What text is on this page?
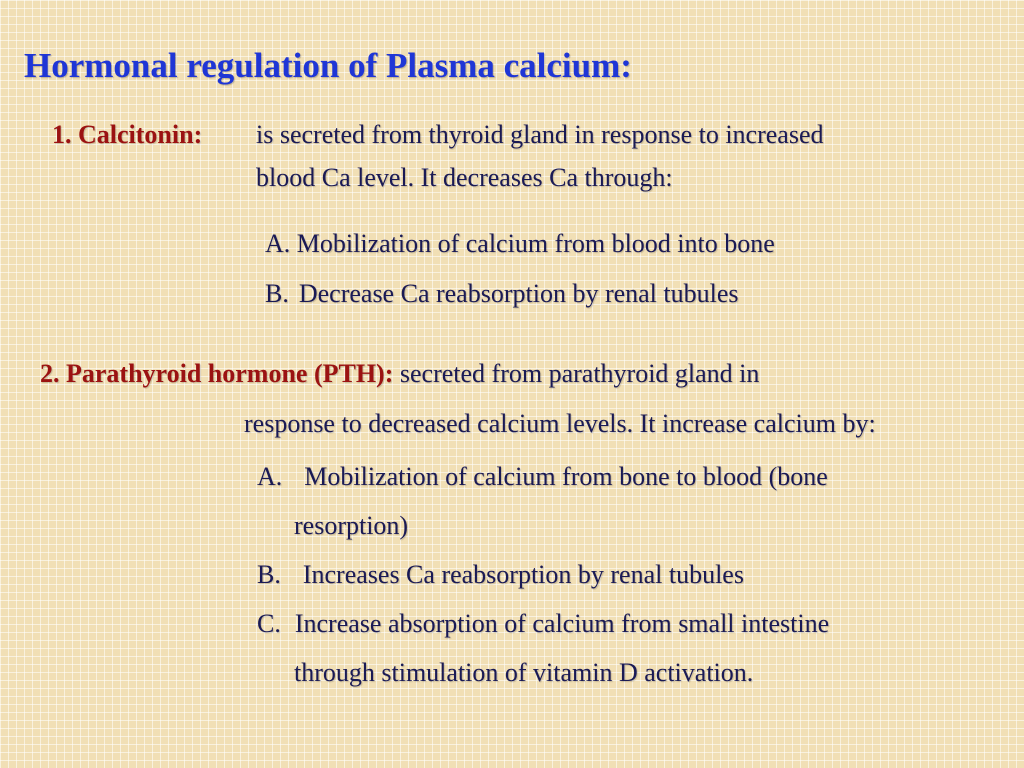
Hormonal regulation of Plasma calcium:
1. Calcitonin: is secreted from thyroid gland in response to increased
blood Ca level. It decreases Ca through:
A. Mobilization of calcium from blood into bone
B. Decrease Ca reabsorption by renal tubules
2. Parathyroid hormone (PTH): secreted from parathyroid gland in
response to decreased calcium levels. It increase calcium by:
A. Mobilization of calcium from bone to blood (bone
resorption)
B. Increases Ca reabsorption by renal tubules
C. Increase absorption of calcium from small intestine
through stimulation of vitamin D activation.
